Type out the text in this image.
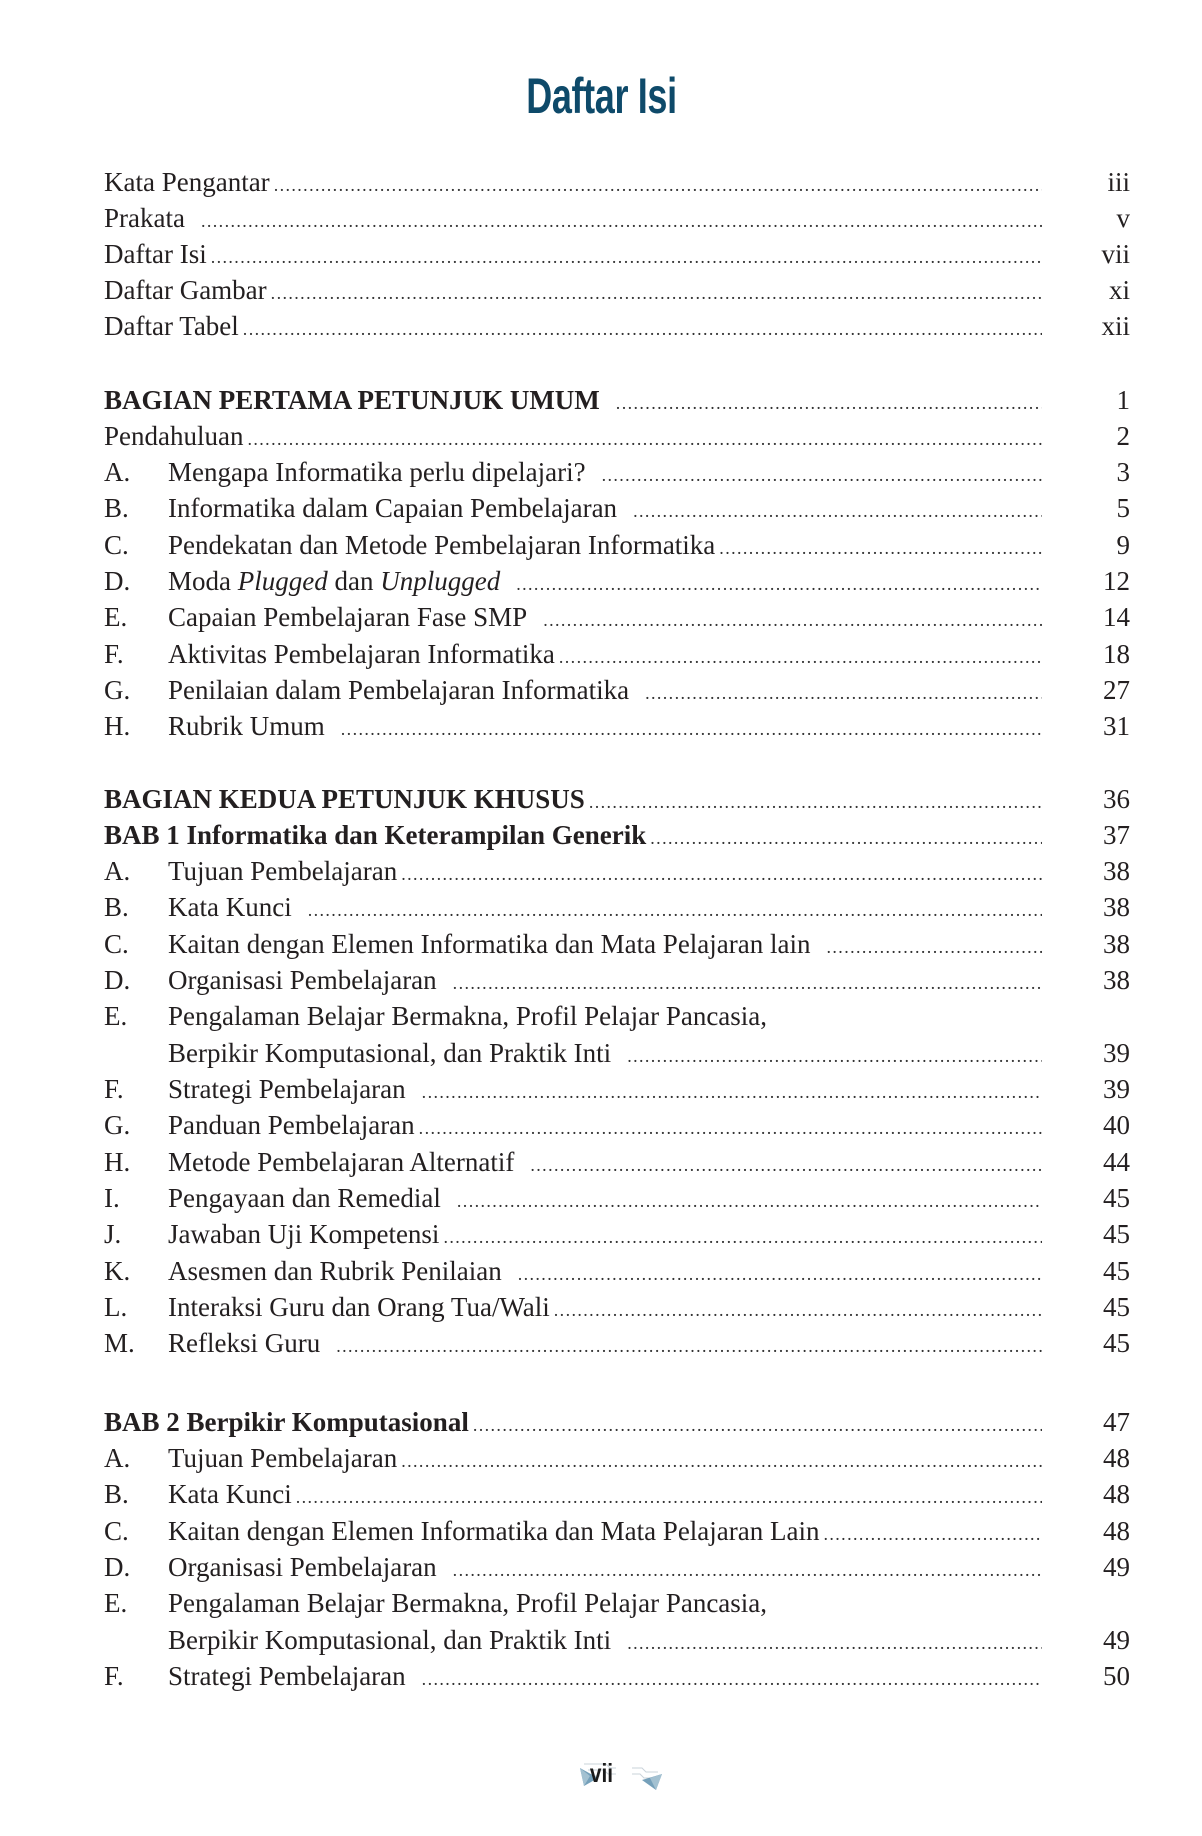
Daftar Isi
Kata Pengantar .....	iii
Prakata .....	v
Daftar Isi .....	vii
Daftar Gambar .....	xi
Daftar Tabel .....	xii
BAGIAN PERTAMA PETUNJUK UMUM .....	1
Pendahuluan .....	2
A. Mengapa Informatika perlu dipelajari? .....	3
B. Informatika dalam Capaian Pembelajaran .....	5
C. Pendekatan dan Metode Pembelajaran Informatika .....	9
D. Moda Plugged dan Unplugged .....	12
E. Capaian Pembelajaran Fase SMP .....	14
F. Aktivitas Pembelajaran Informatika .....	18
G. Penilaian dalam Pembelajaran Informatika .....	27
H. Rubrik Umum .....	31
BAGIAN KEDUA PETUNJUK KHUSUS .....	36
BAB 1 Informatika dan Keterampilan Generik .....	37
A. Tujuan Pembelajaran .....	38
B. Kata Kunci .....	38
C. Kaitan dengan Elemen Informatika dan Mata Pelajaran lain .....	38
D. Organisasi Pembelajaran .....	38
E. Pengalaman Belajar Bermakna, Profil Pelajar Pancasia,
Berpikir Komputasional, dan Praktik Inti .....	39
F. Strategi Pembelajaran .....	39
G. Panduan Pembelajaran .....	40
H. Metode Pembelajaran Alternatif .....	44
I. Pengayaan dan Remedial .....	45
J. Jawaban Uji Kompetensi .....	45
K. Asesmen dan Rubrik Penilaian .....	45
L. Interaksi Guru dan Orang Tua/Wali .....	45
M. Refleksi Guru .....	45
BAB 2 Berpikir Komputasional .....	47
A. Tujuan Pembelajaran .....	48
B. Kata Kunci .....	48
C. Kaitan dengan Elemen Informatika dan Mata Pelajaran Lain .....	48
D. Organisasi Pembelajaran .....	49
E. Pengalaman Belajar Bermakna, Profil Pelajar Pancasia,
Berpikir Komputasional, dan Praktik Inti .....	49
F. Strategi Pembelajaran .....	50
vii
